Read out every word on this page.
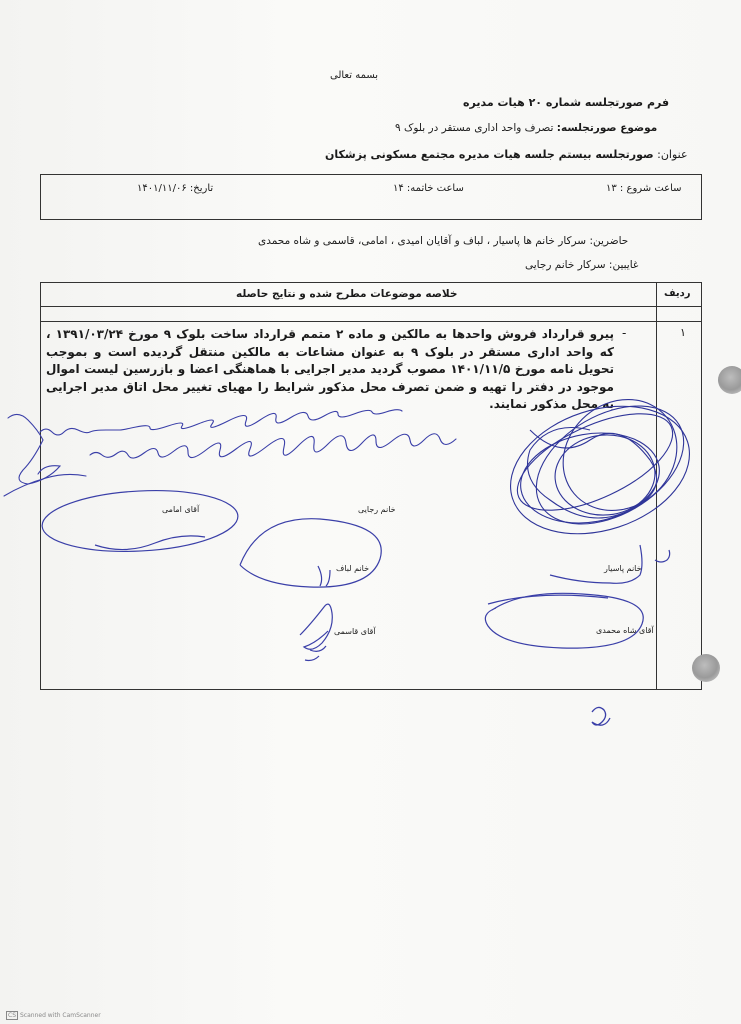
بسمه تعالی
فرم صورتجلسه شماره ۲۰ هیات مدیره
موضوع صورتجلسه: تصرف واحد اداری مستقر در بلوک ۹
عنوان: صورتجلسه بیستم جلسه هیات مدیره مجتمع مسکونی پزشکان
ساعت شروع : ۱۳
ساعت خاتمه: ۱۴
تاریخ: ۱۴۰۱/۱۱/۰۶
حاضرین: سرکار خانم ها پاسیار ، لباف و آقایان امیدی ، امامی، قاسمی و شاه محمدی
غایبین: سرکار خانم رجایی
ردیف
خلاصه موضوعات مطرح شده و نتایج حاصله
۱
-
پیرو قرارداد فروش واحدها به مالکین و ماده ۲ متمم قرارداد ساخت بلوک ۹ مورخ ۱۳۹۱/۰۳/۲۴ ، که واحد اداری مستقر در بلوک ۹ به عنوان مشاعات به مالکین منتقل گردیده است و بموجب تحویل نامه مورخ ۱۴۰۱/۱۱/۵ مصوب گردید مدیر اجرایی با هماهنگی اعضا و بازرسین لیست اموال موجود در دفتر را تهیه و ضمن تصرف محل مذکور شرایط را مهیای تغییر محل اتاق مدیر اجرایی به محل مذکور نمایند.
آقای امامی	خانم رجایی
خانم لباف	خانم پاسیار
آقای قاسمی	آقای شاه محمدی
CS Scanned with CamScanner
